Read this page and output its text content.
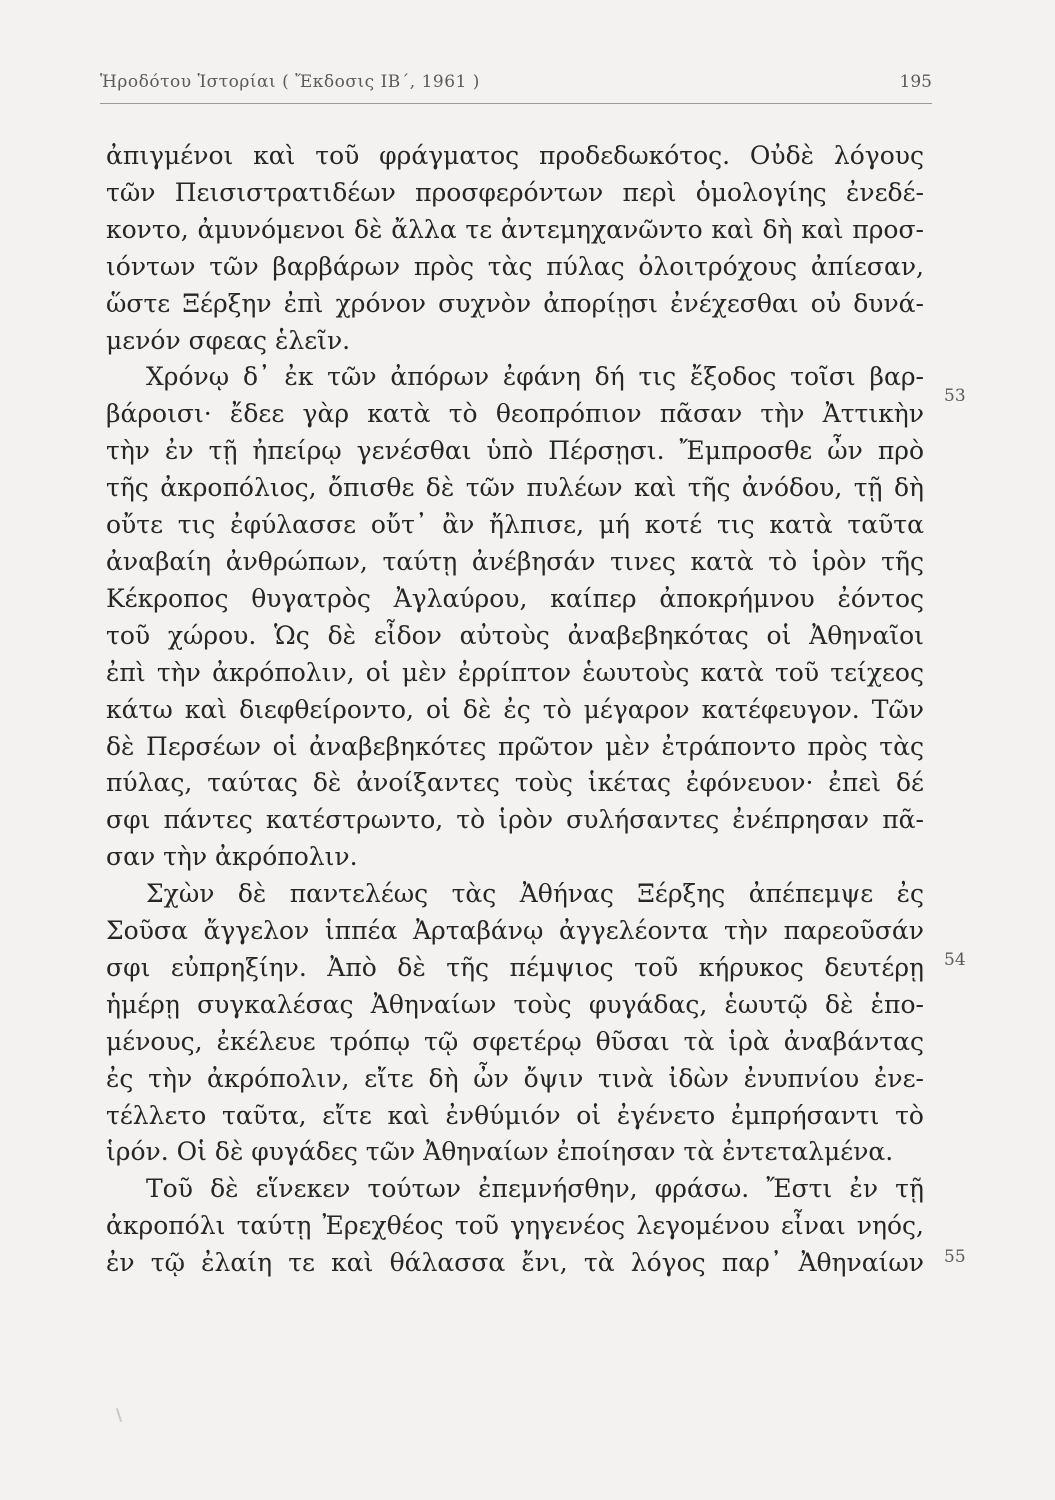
Ἡροδότου Ἱστορίαι ( Ἔκδοσις ΙΒ΄, 1961 )	195
ἀπιγμένοι καὶ τοῦ φράγματος προδεδωκότος. Οὐδὲ λόγους
τῶν Πεισιστρατιδέων προσφερόντων περὶ ὁμολογίης ἐνεδέ-
κοντο, ἀμυνόμενοι δὲ ἄλλα τε ἀντεμηχανῶντο καὶ δὴ καὶ προσ-
ιόντων τῶν βαρβάρων πρὸς τὰς πύλας ὀλοιτρόχους ἀπίεσαν,
ὥστε Ξέρξην ἐπὶ χρόνον συχνὸν ἀπορίῃσι ἐνέχεσθαι οὐ δυνά-
μενόν σφεας ἑλεῖν.
Χρόνῳ δ᾽ ἐκ τῶν ἀπόρων ἐφάνη δή τις ἔξοδος τοῖσι βαρ-
βάροισι· ἔδεε γὰρ κατὰ τὸ θεοπρόπιον πᾶσαν τὴν Ἀττικὴν
τὴν ἐν τῇ ἠπείρῳ γενέσθαι ὑπὸ Πέρσῃσι. Ἔμπροσθε ὦν πρὸ
τῆς ἀκροπόλιος, ὄπισθε δὲ τῶν πυλέων καὶ τῆς ἀνόδου, τῇ δὴ
οὔτε τις ἐφύλασσε οὔτ᾽ ἂν ἤλπισε, μή κοτέ τις κατὰ ταῦτα
ἀναβαίη ἀνθρώπων, ταύτῃ ἀνέβησάν τινες κατὰ τὸ ἱρὸν τῆς
Κέκροπος θυγατρὸς Ἀγλαύρου, καίπερ ἀποκρήμνου ἐόντος
τοῦ χώρου. Ὡς δὲ εἶδον αὐτοὺς ἀναβεβηκότας οἱ Ἀθηναῖοι
ἐπὶ τὴν ἀκρόπολιν, οἱ μὲν ἐρρίπτον ἑωυτοὺς κατὰ τοῦ τείχεος
κάτω καὶ διεφθείροντο, οἱ δὲ ἐς τὸ μέγαρον κατέφευγον. Τῶν
δὲ Περσέων οἱ ἀναβεβηκότες πρῶτον μὲν ἐτράποντο πρὸς τὰς
πύλας, ταύτας δὲ ἀνοίξαντες τοὺς ἱκέτας ἐφόνευον· ἐπεὶ δέ
σφι πάντες κατέστρωντο, τὸ ἱρὸν συλήσαντες ἐνέπρησαν πᾶ-
σαν τὴν ἀκρόπολιν.
Σχὼν δὲ παντελέως τὰς Ἀθήνας Ξέρξης ἀπέπεμψε ἐς
Σοῦσα ἄγγελον ἱππέα Ἀρταβάνῳ ἀγγελέοντα τὴν παρεοῦσάν
σφι εὐπρηξίην. Ἀπὸ δὲ τῆς πέμψιος τοῦ κήρυκος δευτέρῃ
ἡμέρῃ συγκαλέσας Ἀθηναίων τοὺς φυγάδας, ἑωυτῷ δὲ ἑπο-
μένους, ἐκέλευε τρόπῳ τῷ σφετέρῳ θῦσαι τὰ ἱρὰ ἀναβάντας
ἐς τὴν ἀκρόπολιν, εἴτε δὴ ὦν ὄψιν τινὰ ἰδὼν ἐνυπνίου ἐνε-
τέλλετο ταῦτα, εἴτε καὶ ἐνθύμιόν οἱ ἐγένετο ἐμπρήσαντι τὸ
ἱρόν. Οἱ δὲ φυγάδες τῶν Ἀθηναίων ἐποίησαν τὰ ἐντεταλμένα.
Τοῦ δὲ εἵνεκεν τούτων ἐπεμνήσθην, φράσω. Ἔστι ἐν τῇ
ἀκροπόλι ταύτῃ Ἐρεχθέος τοῦ γηγενέος λεγομένου εἶναι νηός,
ἐν τῷ ἐλαίη τε καὶ θάλασσα ἔνι, τὰ λόγος παρ᾽ Ἀθηναίων
53
54
55
